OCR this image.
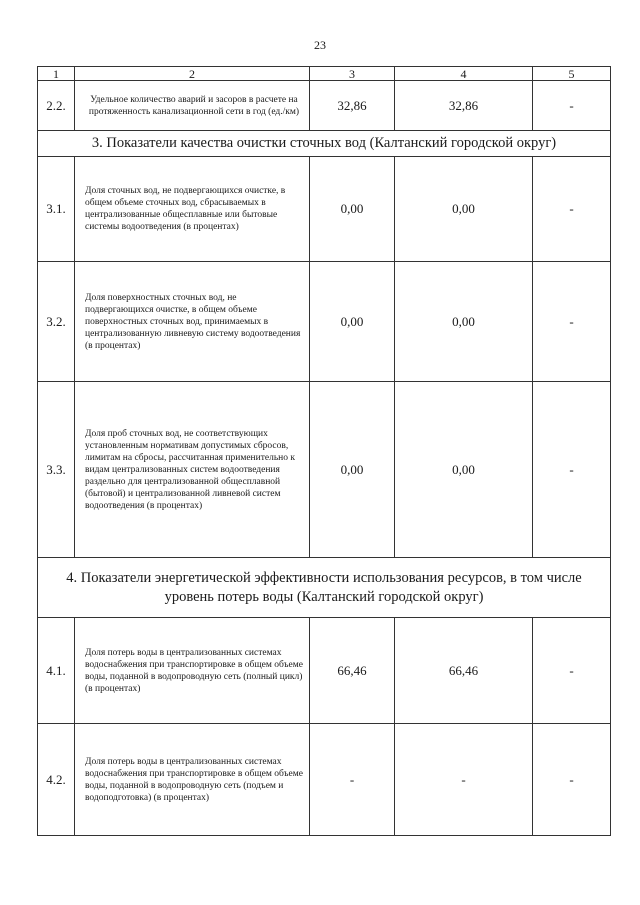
23
1	2	3	4	5
2.2.	Удельное количество аварий и засоров в расчете на протяженность канализационной сети в год (ед./км)	32,86	32,86	-
3. Показатели качества очистки сточных вод (Калтанский городской округ)				
3.1.	Доля сточных вод, не подвергающихся очистке, в общем объеме сточных вод, сбрасываемых в централизованные общесплавные или бытовые системы водоотведения (в процентах)	0,00	0,00	-
3.2.	Доля поверхностных сточных вод, не подвергающихся очистке, в общем объеме поверхностных сточных вод, принимаемых в централизованную ливневую систему водоотведения (в процентах)	0,00	0,00	-
3.3.	Доля проб сточных вод, не соответствующих установленным нормативам допустимых сбросов, лимитам на сбросы, рассчитанная применительно к видам централизованных систем водоотведения раздельно для централизованной общесплавной (бытовой) и централизованной ливневой систем водоотведения (в процентах)	0,00	0,00	-
4. Показатели энергетической эффективности использования ресурсов, в том числе уровень потерь воды (Калтанский городской округ)				
4.1.	Доля потерь воды в централизованных системах водоснабжения при транспортировке в общем объеме воды, поданной в водопроводную сеть (полный цикл) (в процентах)	66,46	66,46	-
4.2.	Доля потерь воды в централизованных системах водоснабжения при транспортировке в общем объеме воды, поданной в водопроводную сеть (подъем и водоподготовка) (в процентах)	-	-	-
